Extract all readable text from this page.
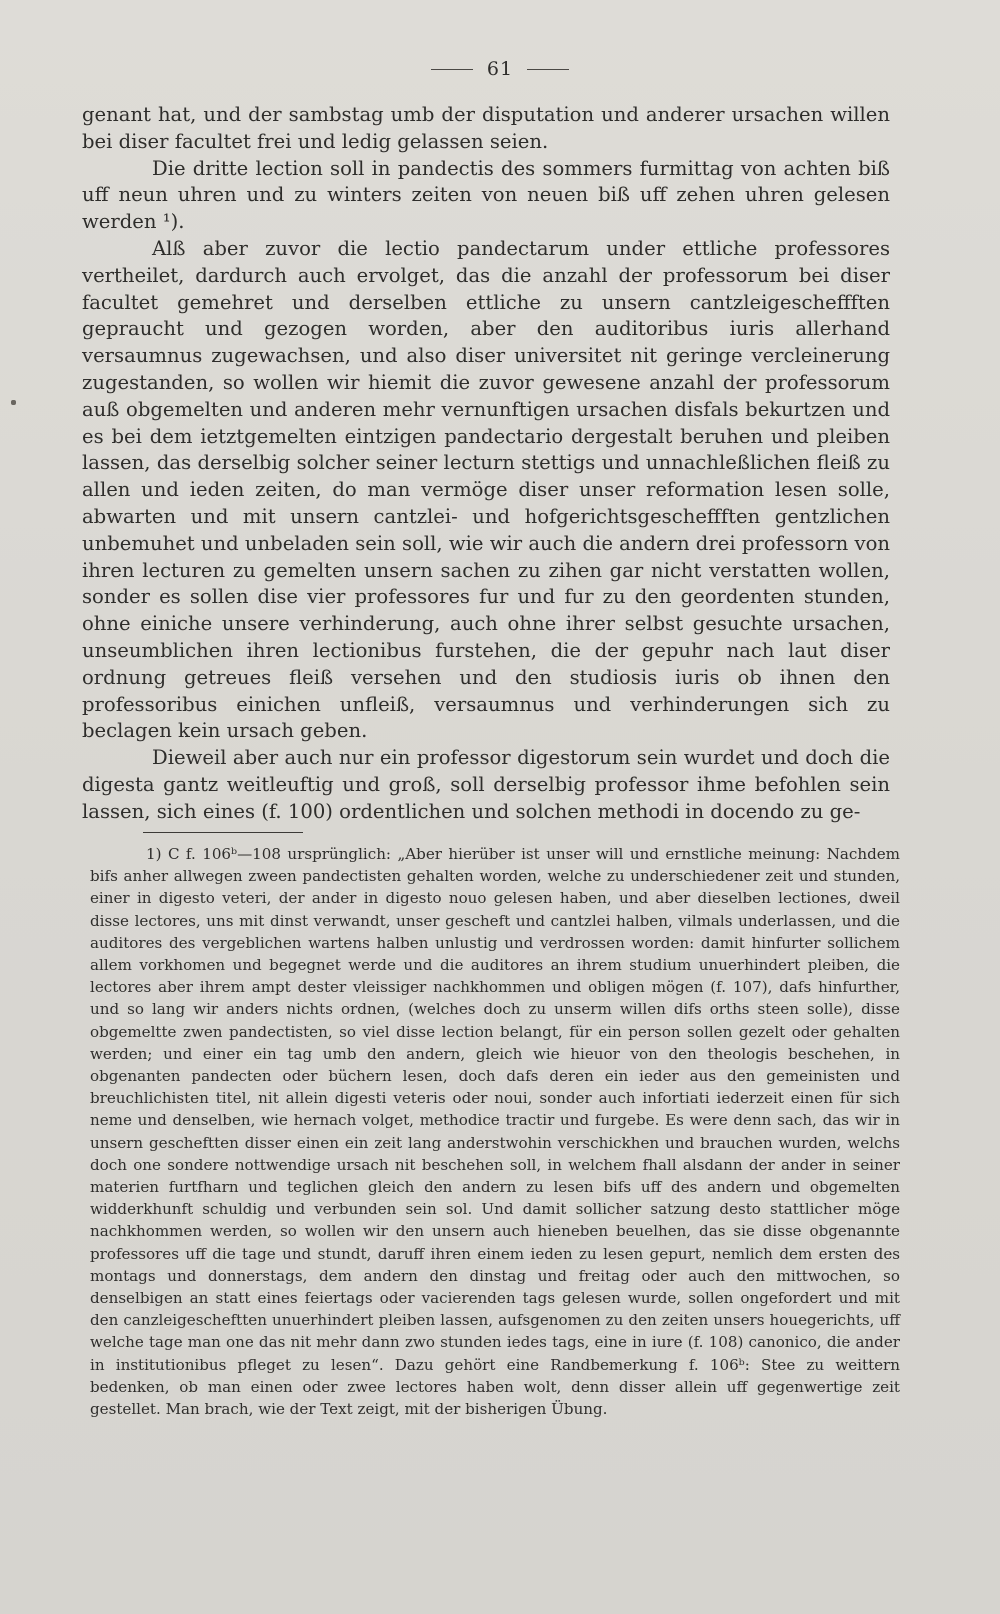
61

genant hat, und der sambstag umb der disputation und anderer ursachen willen bei diser facultet frei und ledig gelassen seien.

Die dritte lection soll in pandectis des sommers furmittag von achten biß uff neun uhren und zu winters zeiten von neuen biß uff zehen uhren gelesen werden ¹).

Alß aber zuvor die lectio pandectarum under ettliche professores vertheilet, dardurch auch ervolget, das die anzahl der professorum bei diser facultet gemehret und derselben ettliche zu unsern cantzleigescheffften gepraucht und gezogen worden, aber den auditoribus iuris allerhand versaumnus zugewachsen, und also diser universitet nit geringe vercleinerung zugestanden, so wollen wir hiemit die zuvor gewesene anzahl der professorum auß obgemelten und anderen mehr vernunftigen ursachen disfals bekurtzen und es bei dem ietztgemelten eintzigen pandectario dergestalt beruhen und pleiben lassen, das derselbig solcher seiner lecturn stettigs und unnachleßlichen fleiß zu allen und ieden zeiten, do man vermöge diser unser reformation lesen solle, abwarten und mit unsern cantzlei- und hofgerichtsgescheffften gentzlichen unbemuhet und unbeladen sein soll, wie wir auch die andern drei professorn von ihren lecturen zu gemelten unsern sachen zu zihen gar nicht verstatten wollen, sonder es sollen dise vier professores fur und fur zu den geordenten stunden, ohne einiche unsere verhinderung, auch ohne ihrer selbst gesuchte ursachen, unseumblichen ihren lectionibus furstehen, die der gepuhr nach laut diser ordnung getreues fleiß versehen und den studiosis iuris ob ihnen den professoribus einichen unfleiß, versaumnus und verhinderungen sich zu beclagen kein ursach geben.

Dieweil aber auch nur ein professor digestorum sein wurdet und doch die digesta gantz weitleuftig und groß, soll derselbig professor ihme befohlen sein lassen, sich eines (f. 100) ordentlichen und solchen methodi in docendo zu ge-

1) C f. 106ᵇ—108 ursprünglich: „Aber hierüber ist unser will und ernstliche meinung: Nachdem bifs anher allwegen zween pandectisten gehalten worden, welche zu underschiedener zeit und stunden, einer in digesto veteri, der ander in digesto nouo gelesen haben, und aber dieselben lectiones, dweil disse lectores, uns mit dinst verwandt, unser gescheft und cantzlei halben, vilmals underlassen, und die auditores des vergeblichen wartens halben unlustig und verdrossen worden: damit hinfurter sollichem allem vorkhomen und begegnet werde und die auditores an ihrem studium unuerhindert pleiben, die lectores aber ihrem ampt dester vleissiger nachkhommen und obligen mögen (f. 107), dafs hinfurther, und so lang wir anders nichts ordnen, (welches doch zu unserm willen difs orths steen solle), disse obgemeltte zwen pandectisten, so viel disse lection belangt, für ein person sollen gezelt oder gehalten werden; und einer ein tag umb den andern, gleich wie hieuor von den theologis beschehen, in obgenanten pandecten oder büchern lesen, doch dafs deren ein ieder aus den gemeinisten und breuchlichisten titel, nit allein digesti veteris oder noui, sonder auch infortiati iederzeit einen für sich neme und denselben, wie hernach volget, methodice tractir und furgebe. Es were denn sach, das wir in unsern gescheftten disser einen ein zeit lang anderstwohin verschickhen und brauchen wurden, welchs doch one sondere nottwendige ursach nit beschehen soll, in welchem fhall alsdann der ander in seiner materien furtfharn und teglichen gleich den andern zu lesen bifs uff des andern und obgemelten widderkhunft schuldig und verbunden sein sol. Und damit sollicher satzung desto stattlicher möge nachkhommen werden, so wollen wir den unsern auch hieneben beuelhen, das sie disse obgenannte professores uff die tage und stundt, daruff ihren einem ieden zu lesen gepurt, nemlich dem ersten des montags und donnerstags, dem andern den dinstag und freitag oder auch den mittwochen, so denselbigen an statt eines feiertags oder vacierenden tags gelesen wurde, sollen ongefordert und mit den canzleigescheftten unuerhindert pleiben lassen, aufsgenomen zu den zeiten unsers houegerichts, uff welche tage man one das nit mehr dann zwo stunden iedes tags, eine in iure (f. 108) canonico, die ander in institutionibus pfleget zu lesen“. Dazu gehört eine Randbemerkung f. 106ᵇ: Stee zu weittern bedenken, ob man einen oder zwee lectores haben wolt, denn disser allein uff gegenwertige zeit gestellet. Man brach, wie der Text zeigt, mit der bisherigen Übung.
